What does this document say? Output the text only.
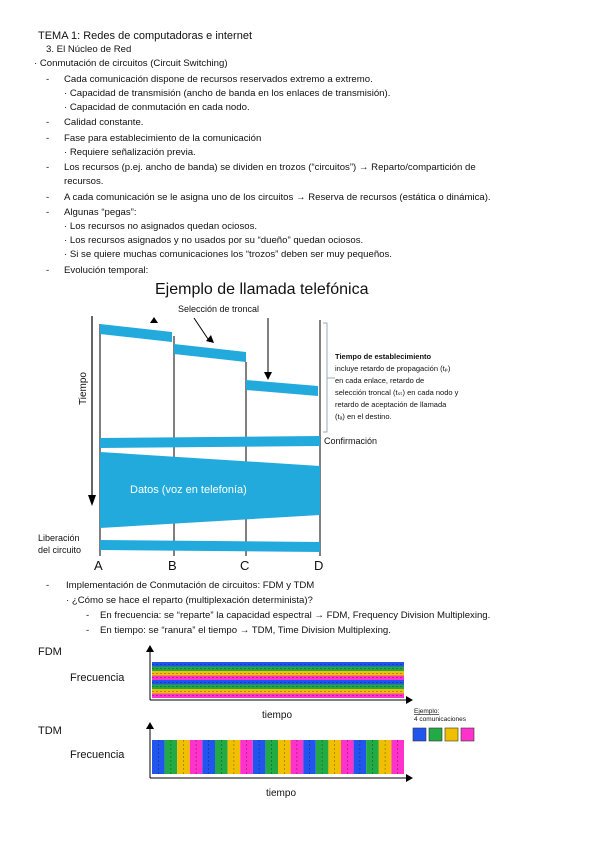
TEMA 1: Redes de computadoras e internet
3. El Núcleo de Red
· Conmutación de circuitos (Circuit Switching)
- Cada comunicación dispone de recursos reservados extremo a extremo.
· Capacidad de transmisión (ancho de banda en los enlaces de transmisión).
· Capacidad de conmutación en cada nodo.
- Calidad constante.
- Fase para establecimiento de la comunicación
· Requiere señalización previa.
- Los recursos (p.ej. ancho de banda) se dividen en trozos (“circuitos”) → Reparto/compartición de
recursos.
- A cada comunicación se le asigna uno de los circuitos → Reserva de recursos (estática o dinámica).
- Algunas “pegas”:
· Los recursos no asignados quedan ociosos.
· Los recursos asignados y no usados por su “dueño” quedan ociosos.
· Si se quiere muchas comunicaciones los “trozos” deben ser muy pequeños.
- Evolución temporal:
Ejemplo de llamada telefónica
Selección de troncal
Tiempo
Confirmación
Datos (voz en telefonía)
Liberación
del circuito
Tiempo de establecimiento
incluye retardo de propagación (tₚ)
en cada enlace, retardo de
selección troncal (tₛₜ) en cada nodo y
retardo de aceptación de llamada
(tₐ) en el destino.
A	B	C	D
- Implementación de Conmutación de circuitos: FDM y TDM
· ¿Cómo se hace el reparto (multiplexación determinista)?
- En frecuencia: se “reparte” la capacidad espectral → FDM, Frequency Division Multiplexing.
- En tiempo: se “ranura” el tiempo → TDM, Time Division Multiplexing.
FDM
Frecuencia
tiempo
TDM
Frecuencia
tiempo
Ejemplo:
4 comunicaciones
